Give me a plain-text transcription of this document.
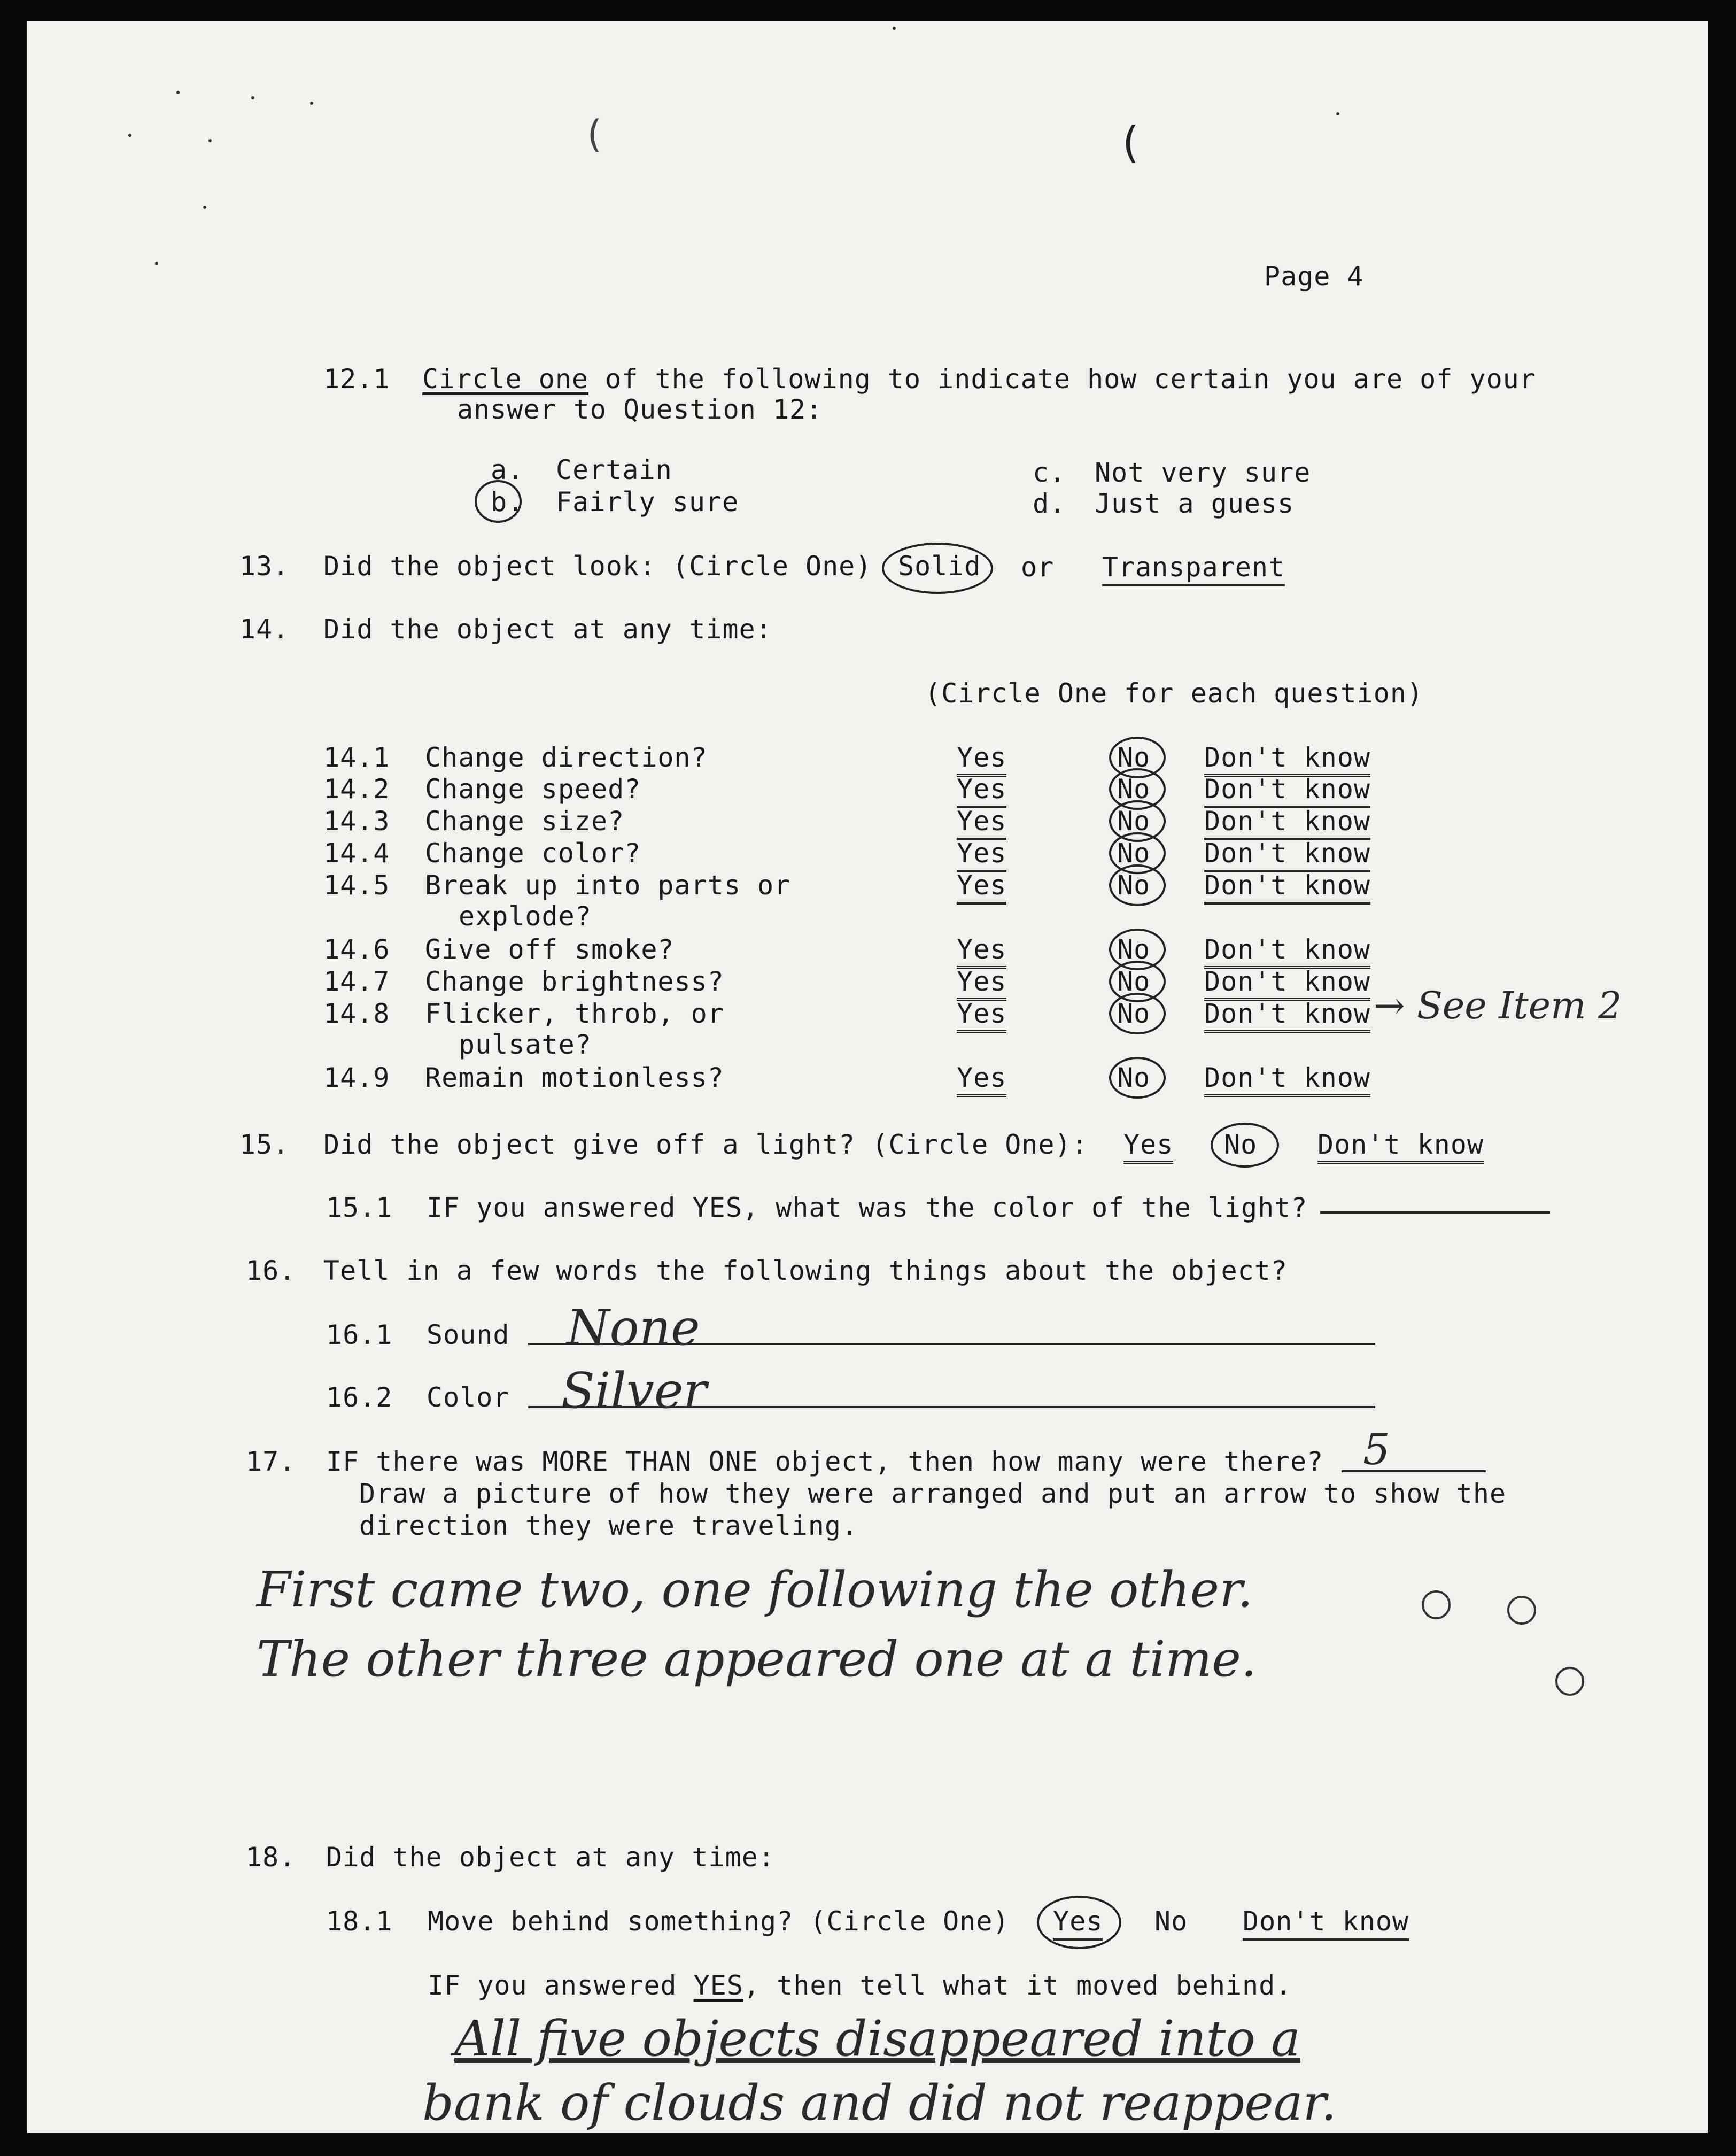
(	(
Page 4
12.1 Circle one of the following to indicate how certain you are of your
answer to Question 12:
a. Certain
b. Fairly sure
c. Not very sure
d. Just a guess
13. Did the object look: (Circle One) Solid or Transparent
14. Did the object at any time:
(Circle One for each question)
14.1 Change direction?	Yes	No Don't know
14.2 Change speed?	Yes	No Don't know
14.3 Change size?	Yes	No Don't know
14.4 Change color?	Yes	No Don't know
14.5 Break up into parts or
explode?
Yes	No Don't know
14.6 Give off smoke?	Yes	No Don't know
14.7 Change brightness?	Yes	No Don't know
14.8 Flicker, throb, or
pulsate?
Yes	No Don't know → See Item 2
14.9 Remain motionless?	Yes	No Don't know
15. Did the object give off a light? (Circle One): Yes No Don't know
15.1 IF you answered YES, what was the color of the light?
16. Tell in a few words the following things about the object?
16.1 Sound None
16.2 Color Silver
17. IF there was MORE THAN ONE object, then how many were there? 5
Draw a picture of how they were arranged and put an arrow to show the
direction they were traveling.
First came two, one following the other.
The other three appeared one at a time.
18. Did the object at any time:
18.1 Move behind something? (Circle One) Yes No Don't know
IF you answered YES, then tell what it moved behind.
All five objects disappeared into a
bank of clouds and did not reappear.
